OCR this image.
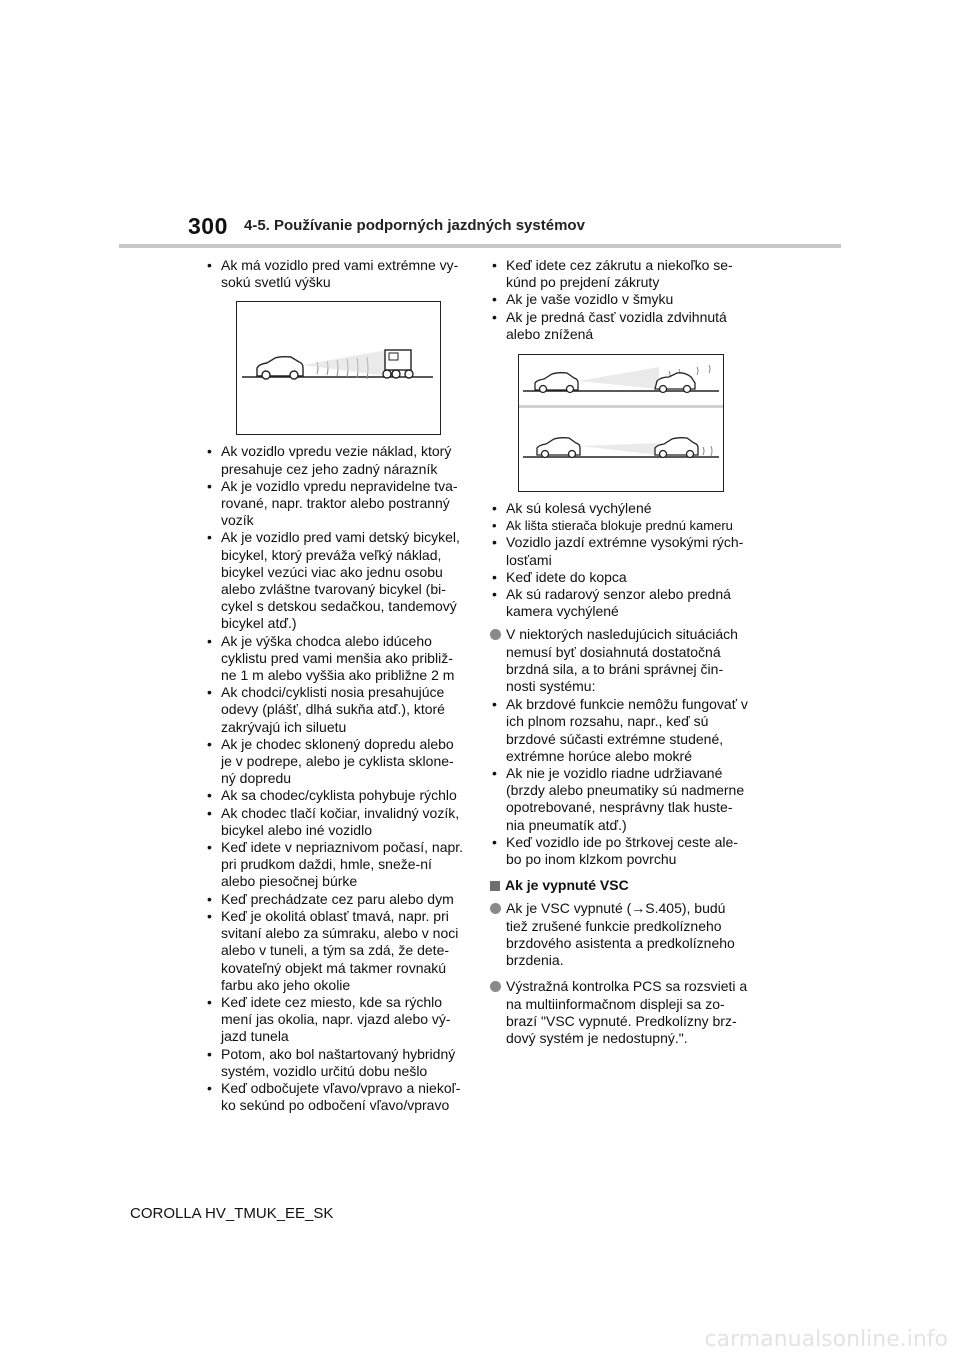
300 4-5. Používanie podporných jazdných systémov
• Ak má vozidlo pred vami extrémne vy-sokú svetlú výšku
• Ak vozidlo vpredu vezie náklad, ktorý presahuje cez jeho zadný nárazník
• Ak je vozidlo vpredu nepravidelne tva-rované, napr. traktor alebo postranný vozík
• Ak je vozidlo pred vami detský bicykel, bicykel, ktorý preváža veľký náklad, bicykel vezúci viac ako jednu osobu alebo zvláštne tvarovaný bicykel (bi-cykel s detskou sedačkou, tandemový bicykel atď.)
• Ak je výška chodca alebo idúceho cyklistu pred vami menšia ako približ-ne 1 m alebo vyššia ako približne 2 m
• Ak chodci/cyklisti nosia presahujúce odevy (plášť, dlhá sukňa atď.), ktoré zakrývajú ich siluetu
• Ak je chodec sklonený dopredu alebo je v podrepe, alebo je cyklista sklone-ný dopredu
• Ak sa chodec/cyklista pohybuje rýchlo
• Ak chodec tlačí kočiar, invalidný vozík, bicykel alebo iné vozidlo
• Keď idete v nepriaznivom počasí, napr. pri prudkom daždi, hmle, sneže-ní alebo piesočnej búrke
• Keď prechádzate cez paru alebo dym
• Keď je okolitá oblasť tmavá, napr. pri svitaní alebo za súmraku, alebo v noci alebo v tuneli, a tým sa zdá, že dete-kovateľný objekt má takmer rovnakú farbu ako jeho okolie
• Keď idete cez miesto, kde sa rýchlo mení jas okolia, napr. vjazd alebo vý-jazd tunela
• Potom, ako bol naštartovaný hybridný systém, vozidlo určitú dobu nešlo
• Keď odbočujete vľavo/vpravo a niekoľ-ko sekúnd po odbočení vľavo/vpravo
• Keď idete cez zákrutu a niekoľko se-kúnd po prejdení zákruty
• Ak je vaše vozidlo v šmyku
• Ak je predná časť vozidla zdvihnutá alebo znížená
• Ak sú kolesá vychýlené
• Ak lišta stierača blokuje prednú kameru
• Vozidlo jazdí extrémne vysokými rých-losťami
• Keď idete do kopca
• Ak sú radarový senzor alebo predná kamera vychýlené
V niektorých nasledujúcich situáciách nemusí byť dosiahnutá dostatočná brzdná sila, a to bráni správnej čin-nosti systému:
• Ak brzdové funkcie nemôžu fungovať v ich plnom rozsahu, napr., keď sú brzdové súčasti extrémne studené, extrémne horúce alebo mokré
• Ak nie je vozidlo riadne udržiavané (brzdy alebo pneumatiky sú nadmerne opotrebované, nesprávny tlak huste-nia pneumatík atď.)
• Keď vozidlo ide po štrkovej ceste ale-bo po inom klzkom povrchu
Ak je vypnuté VSC
Ak je VSC vypnuté (→S.405), budú tiež zrušené funkcie predkolízneho brzdového asistenta a predkolízneho brzdenia.
Výstražná kontrolka PCS sa rozsvieti a na multiinformačnom displeji sa zo-brazí "VSC vypnuté. Predkolízny brz-dový systém je nedostupný.".
COROLLA HV_TMUK_EE_SK
carmanualsonline.info
